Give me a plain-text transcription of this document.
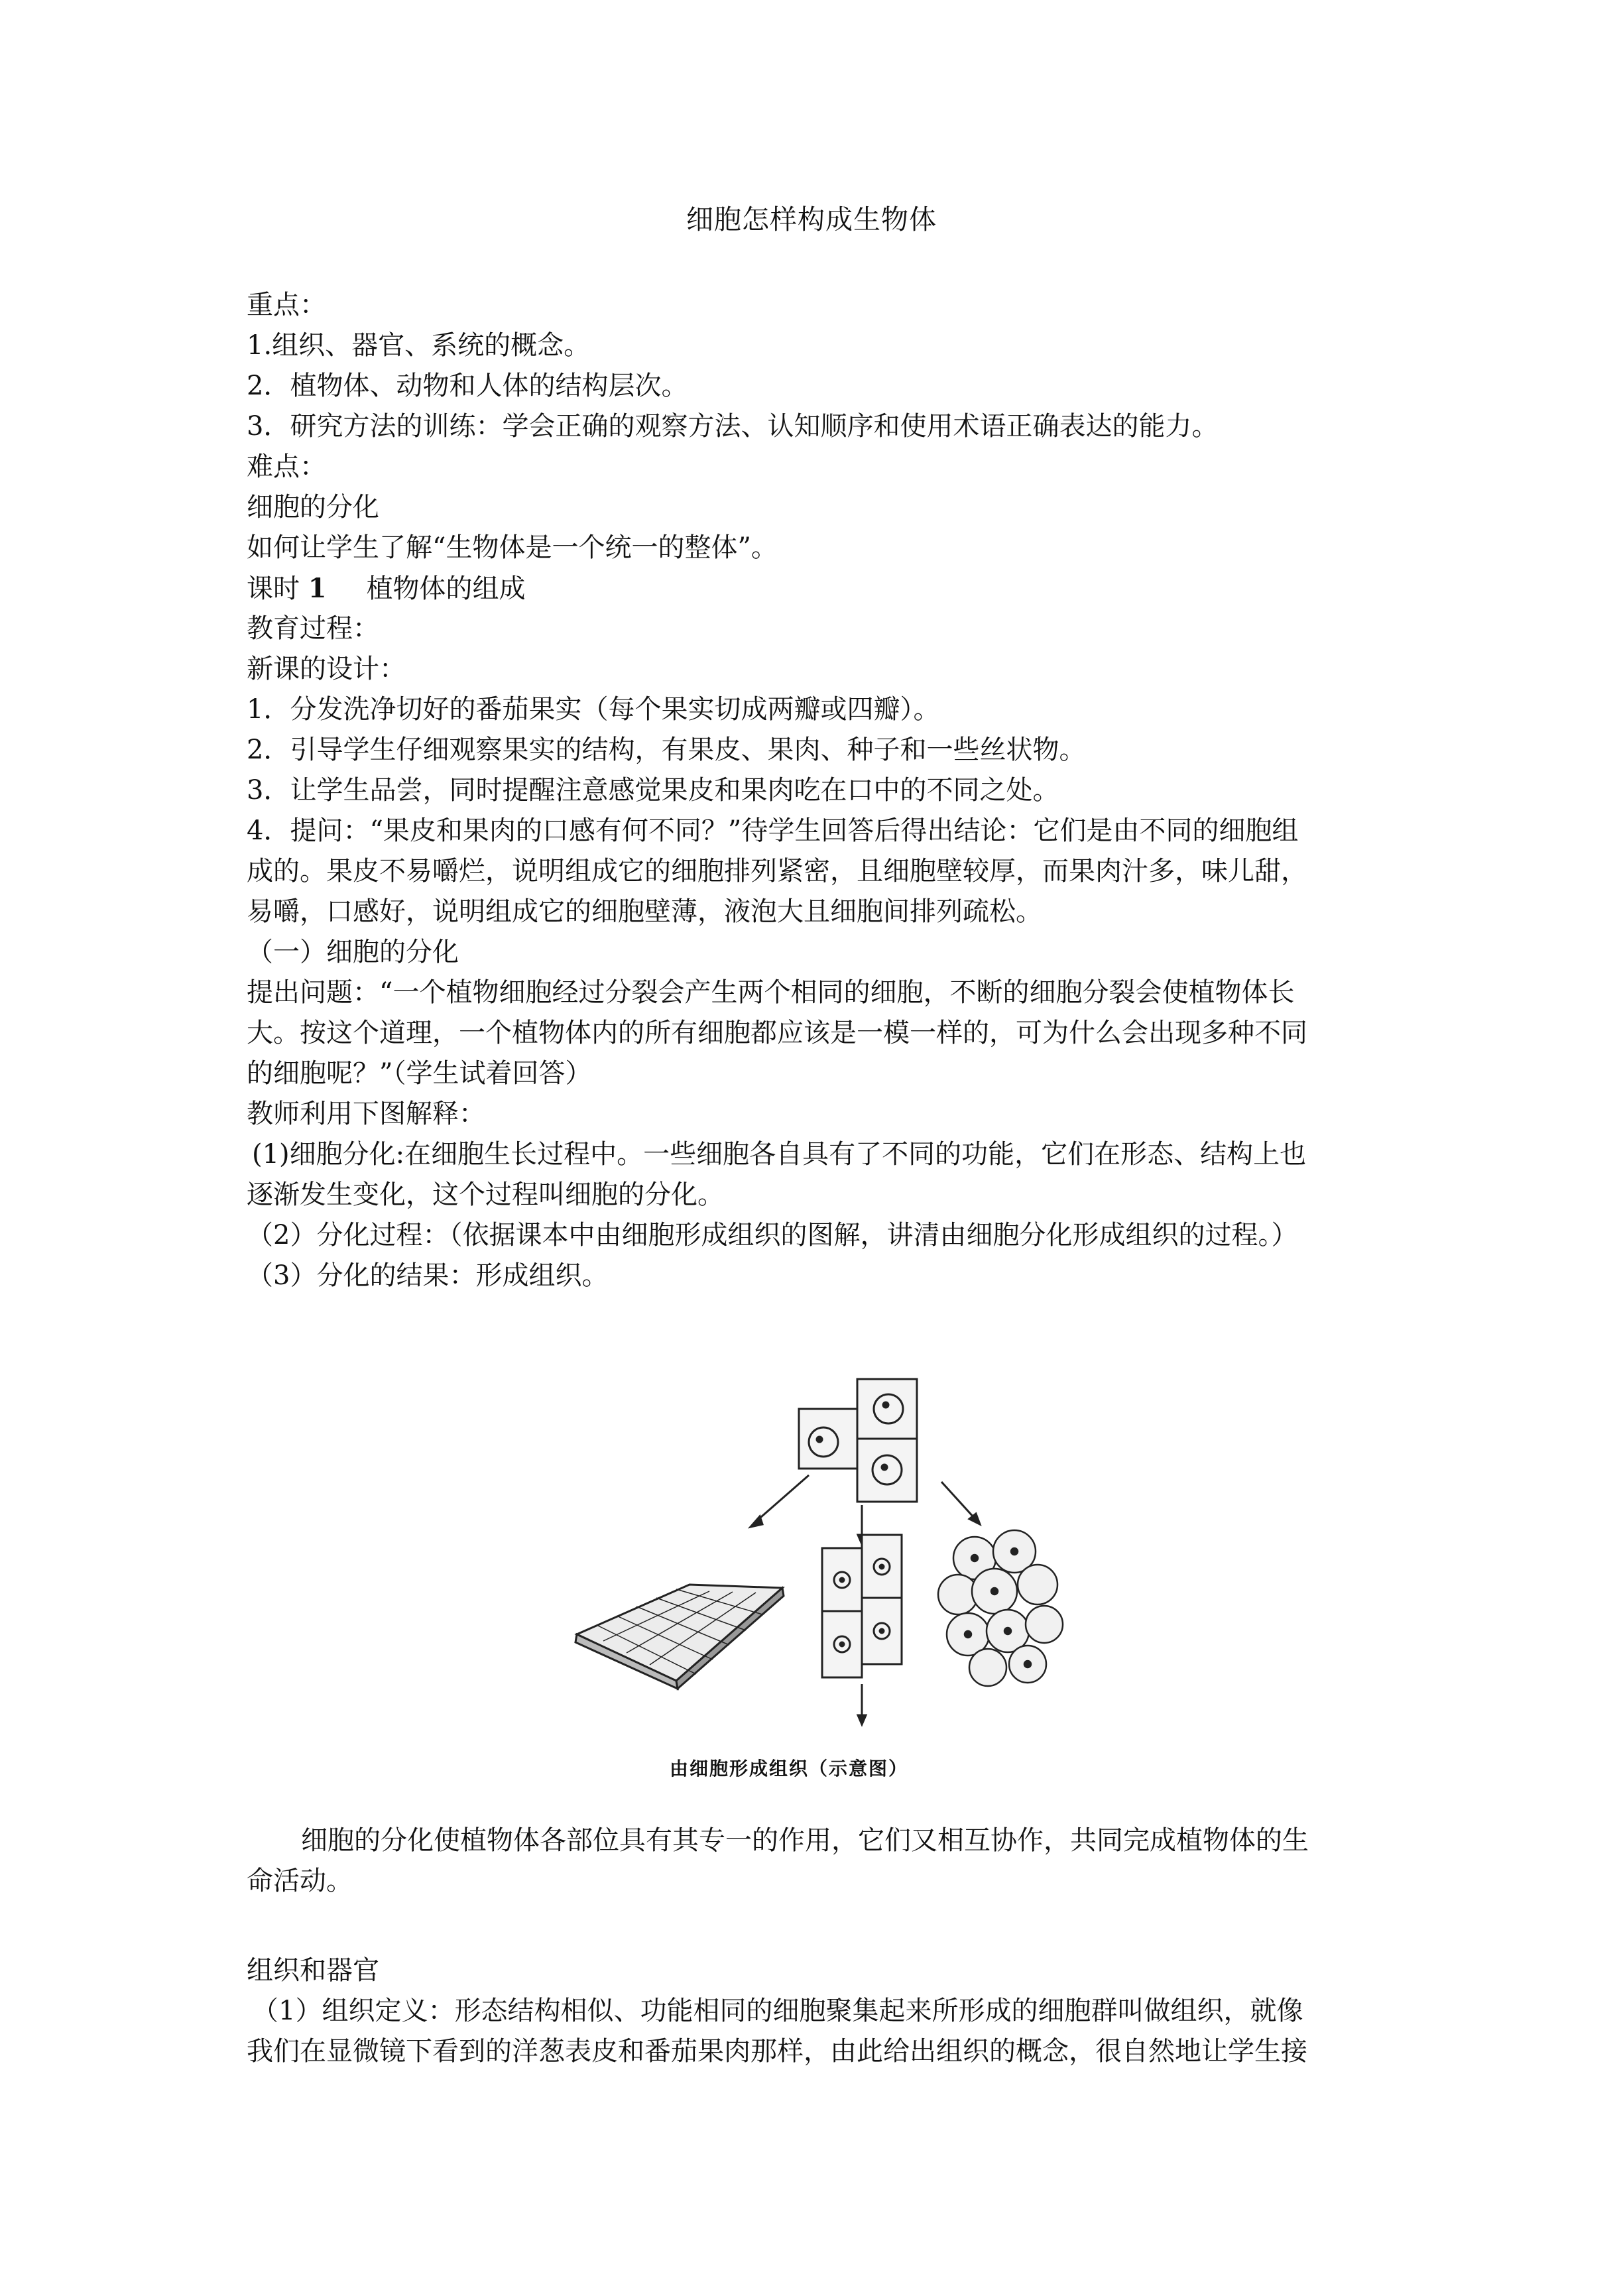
细胞怎样构成生物体
重点：
1.组织、器官、系统的概念。
2．植物体、动物和人体的结构层次。
3．研究方法的训练：学会正确的观察方法、认知顺序和使用术语正确表达的能力。
难点：
细胞的分化
如何让学生了解“生物体是一个统一的整体”。
课时 1 植物体的组成
教育过程：
新课的设计：
1．分发洗净切好的番茄果实（每个果实切成两瓣或四瓣）。
2．引导学生仔细观察果实的结构，有果皮、果肉、种子和一些丝状物。
3．让学生品尝，同时提醒注意感觉果皮和果肉吃在口中的不同之处。
4．提问：“果皮和果肉的口感有何不同？”待学生回答后得出结论：它们是由不同的细胞组
成的。果皮不易嚼烂，说明组成它的细胞排列紧密，且细胞壁较厚，而果肉汁多，味儿甜，
易嚼，口感好，说明组成它的细胞壁薄，液泡大且细胞间排列疏松。
（一）细胞的分化
提出问题：“一个植物细胞经过分裂会产生两个相同的细胞，不断的细胞分裂会使植物体长
大。按这个道理，一个植物体内的所有细胞都应该是一模一样的，可为什么会出现多种不同
的细胞呢？”（学生试着回答）
教师利用下图解释：
(1)细胞分化:在细胞生长过程中。一些细胞各自具有了不同的功能，它们在形态、结构上也
逐渐发生变化，这个过程叫细胞的分化。
（2）分化过程：（依据课本中由细胞形成组织的图解，讲清由细胞分化形成组织的过程。）
（3）分化的结果：形成组织。
由细胞形成组织（示意图）
细胞的分化使植物体各部位具有其专一的作用，它们又相互协作，共同完成植物体的生
命活动。
组织和器官
（1）组织定义：形态结构相似、功能相同的细胞聚集起来所形成的细胞群叫做组织，就像
我们在显微镜下看到的洋葱表皮和番茄果肉那样，由此给出组织的概念，很自然地让学生接
